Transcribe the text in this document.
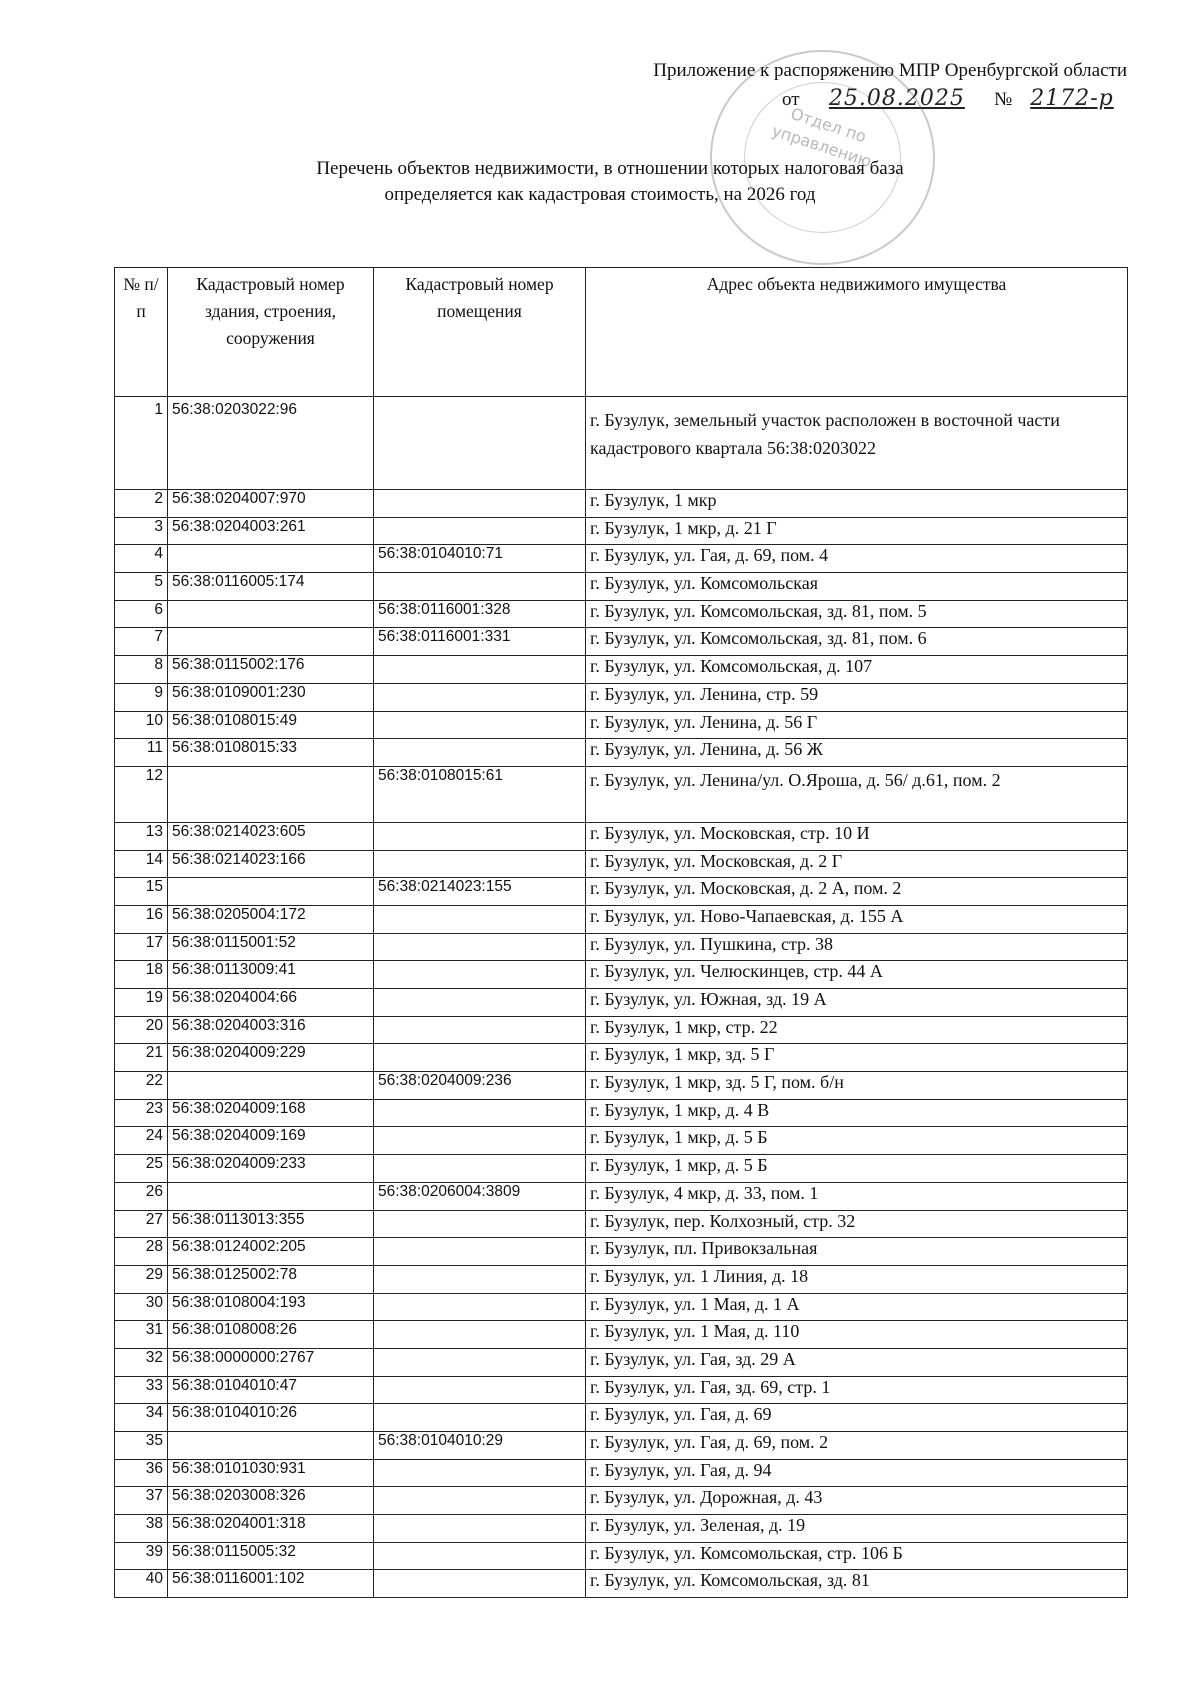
Приложение к распоряжению МПР Оренбургской области
от 25.08.2025 № 2172-р
Отдел по управлению
Перечень объектов недвижимости, в отношении которых налоговая база
определяется как кадастровая стоимость, на 2026 год
№ п/п	Кадастровый номер здания, строения, сооружения	Кадастровый номер помещения	Адрес объекта недвижимого имущества
1	56:38:0203022:96		г. Бузулук, земельный участок расположен в восточной части кадастрового квартала 56:38:0203022
2	56:38:0204007:970		г. Бузулук, 1 мкр
3	56:38:0204003:261		г. Бузулук, 1 мкр, д. 21 Г
4		56:38:0104010:71	г. Бузулук, ул. Гая, д. 69, пом. 4
5	56:38:0116005:174		г. Бузулук, ул. Комсомольская
6		56:38:0116001:328	г. Бузулук, ул. Комсомольская, зд. 81, пом. 5
7		56:38:0116001:331	г. Бузулук, ул. Комсомольская, зд. 81, пом. 6
8	56:38:0115002:176		г. Бузулук, ул. Комсомольская, д. 107
9	56:38:0109001:230		г. Бузулук, ул. Ленина, стр. 59
10	56:38:0108015:49		г. Бузулук, ул. Ленина, д. 56 Г
11	56:38:0108015:33		г. Бузулук, ул. Ленина, д. 56 Ж
12		56:38:0108015:61	г. Бузулук, ул. Ленина/ул. О.Яроша, д. 56/ д.61, пом. 2
13	56:38:0214023:605		г. Бузулук, ул. Московская, стр. 10 И
14	56:38:0214023:166		г. Бузулук, ул. Московская, д. 2 Г
15		56:38:0214023:155	г. Бузулук, ул. Московская, д. 2 А, пом. 2
16	56:38:0205004:172		г. Бузулук, ул. Ново-Чапаевская, д. 155 А
17	56:38:0115001:52		г. Бузулук, ул. Пушкина, стр. 38
18	56:38:0113009:41		г. Бузулук, ул. Челюскинцев, стр. 44 А
19	56:38:0204004:66		г. Бузулук, ул. Южная, зд. 19 А
20	56:38:0204003:316		г. Бузулук, 1 мкр, стр. 22
21	56:38:0204009:229		г. Бузулук, 1 мкр, зд. 5 Г
22		56:38:0204009:236	г. Бузулук, 1 мкр, зд. 5 Г, пом. б/н
23	56:38:0204009:168		г. Бузулук, 1 мкр, д. 4 В
24	56:38:0204009:169		г. Бузулук, 1 мкр, д. 5 Б
25	56:38:0204009:233		г. Бузулук, 1 мкр, д. 5 Б
26		56:38:0206004:3809	г. Бузулук, 4 мкр, д. 33, пом. 1
27	56:38:0113013:355		г. Бузулук, пер. Колхозный, стр. 32
28	56:38:0124002:205		г. Бузулук, пл. Привокзальная
29	56:38:0125002:78		г. Бузулук, ул. 1 Линия, д. 18
30	56:38:0108004:193		г. Бузулук, ул. 1 Мая, д. 1 А
31	56:38:0108008:26		г. Бузулук, ул. 1 Мая, д. 110
32	56:38:0000000:2767		г. Бузулук, ул. Гая, зд. 29 А
33	56:38:0104010:47		г. Бузулук, ул. Гая, зд. 69, стр. 1
34	56:38:0104010:26		г. Бузулук, ул. Гая, д. 69
35		56:38:0104010:29	г. Бузулук, ул. Гая, д. 69, пом. 2
36	56:38:0101030:931		г. Бузулук, ул. Гая, д. 94
37	56:38:0203008:326		г. Бузулук, ул. Дорожная, д. 43
38	56:38:0204001:318		г. Бузулук, ул. Зеленая, д. 19
39	56:38:0115005:32		г. Бузулук, ул. Комсомольская, стр. 106 Б
40	56:38:0116001:102		г. Бузулук, ул. Комсомольская, зд. 81
